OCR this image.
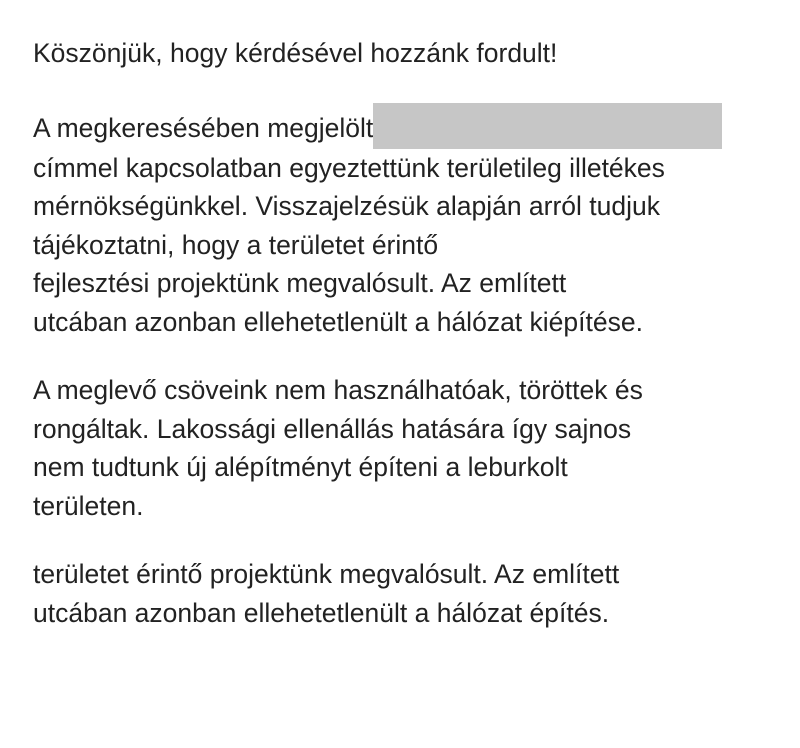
Köszönjük, hogy kérdésével hozzánk fordult!

A megkeresésében megjelölt
címmel kapcsolatban egyeztettünk területileg illetékes
mérnökségünkkel. Visszajelzésük alapján arról tudjuk
tájékoztatni, hogy a területet érintő
fejlesztési projektünk megvalósult. Az említett
utcában azonban ellehetetlenült a hálózat kiépítése.

A meglevő csöveink nem használhatóak, töröttek és
rongáltak. Lakossági ellenállás hatására így sajnos
nem tudtunk új alépítményt építeni a leburkolt
területen.

területet érintő projektünk megvalósult. Az említett
utcában azonban ellehetetlenült a hálózat építés.
